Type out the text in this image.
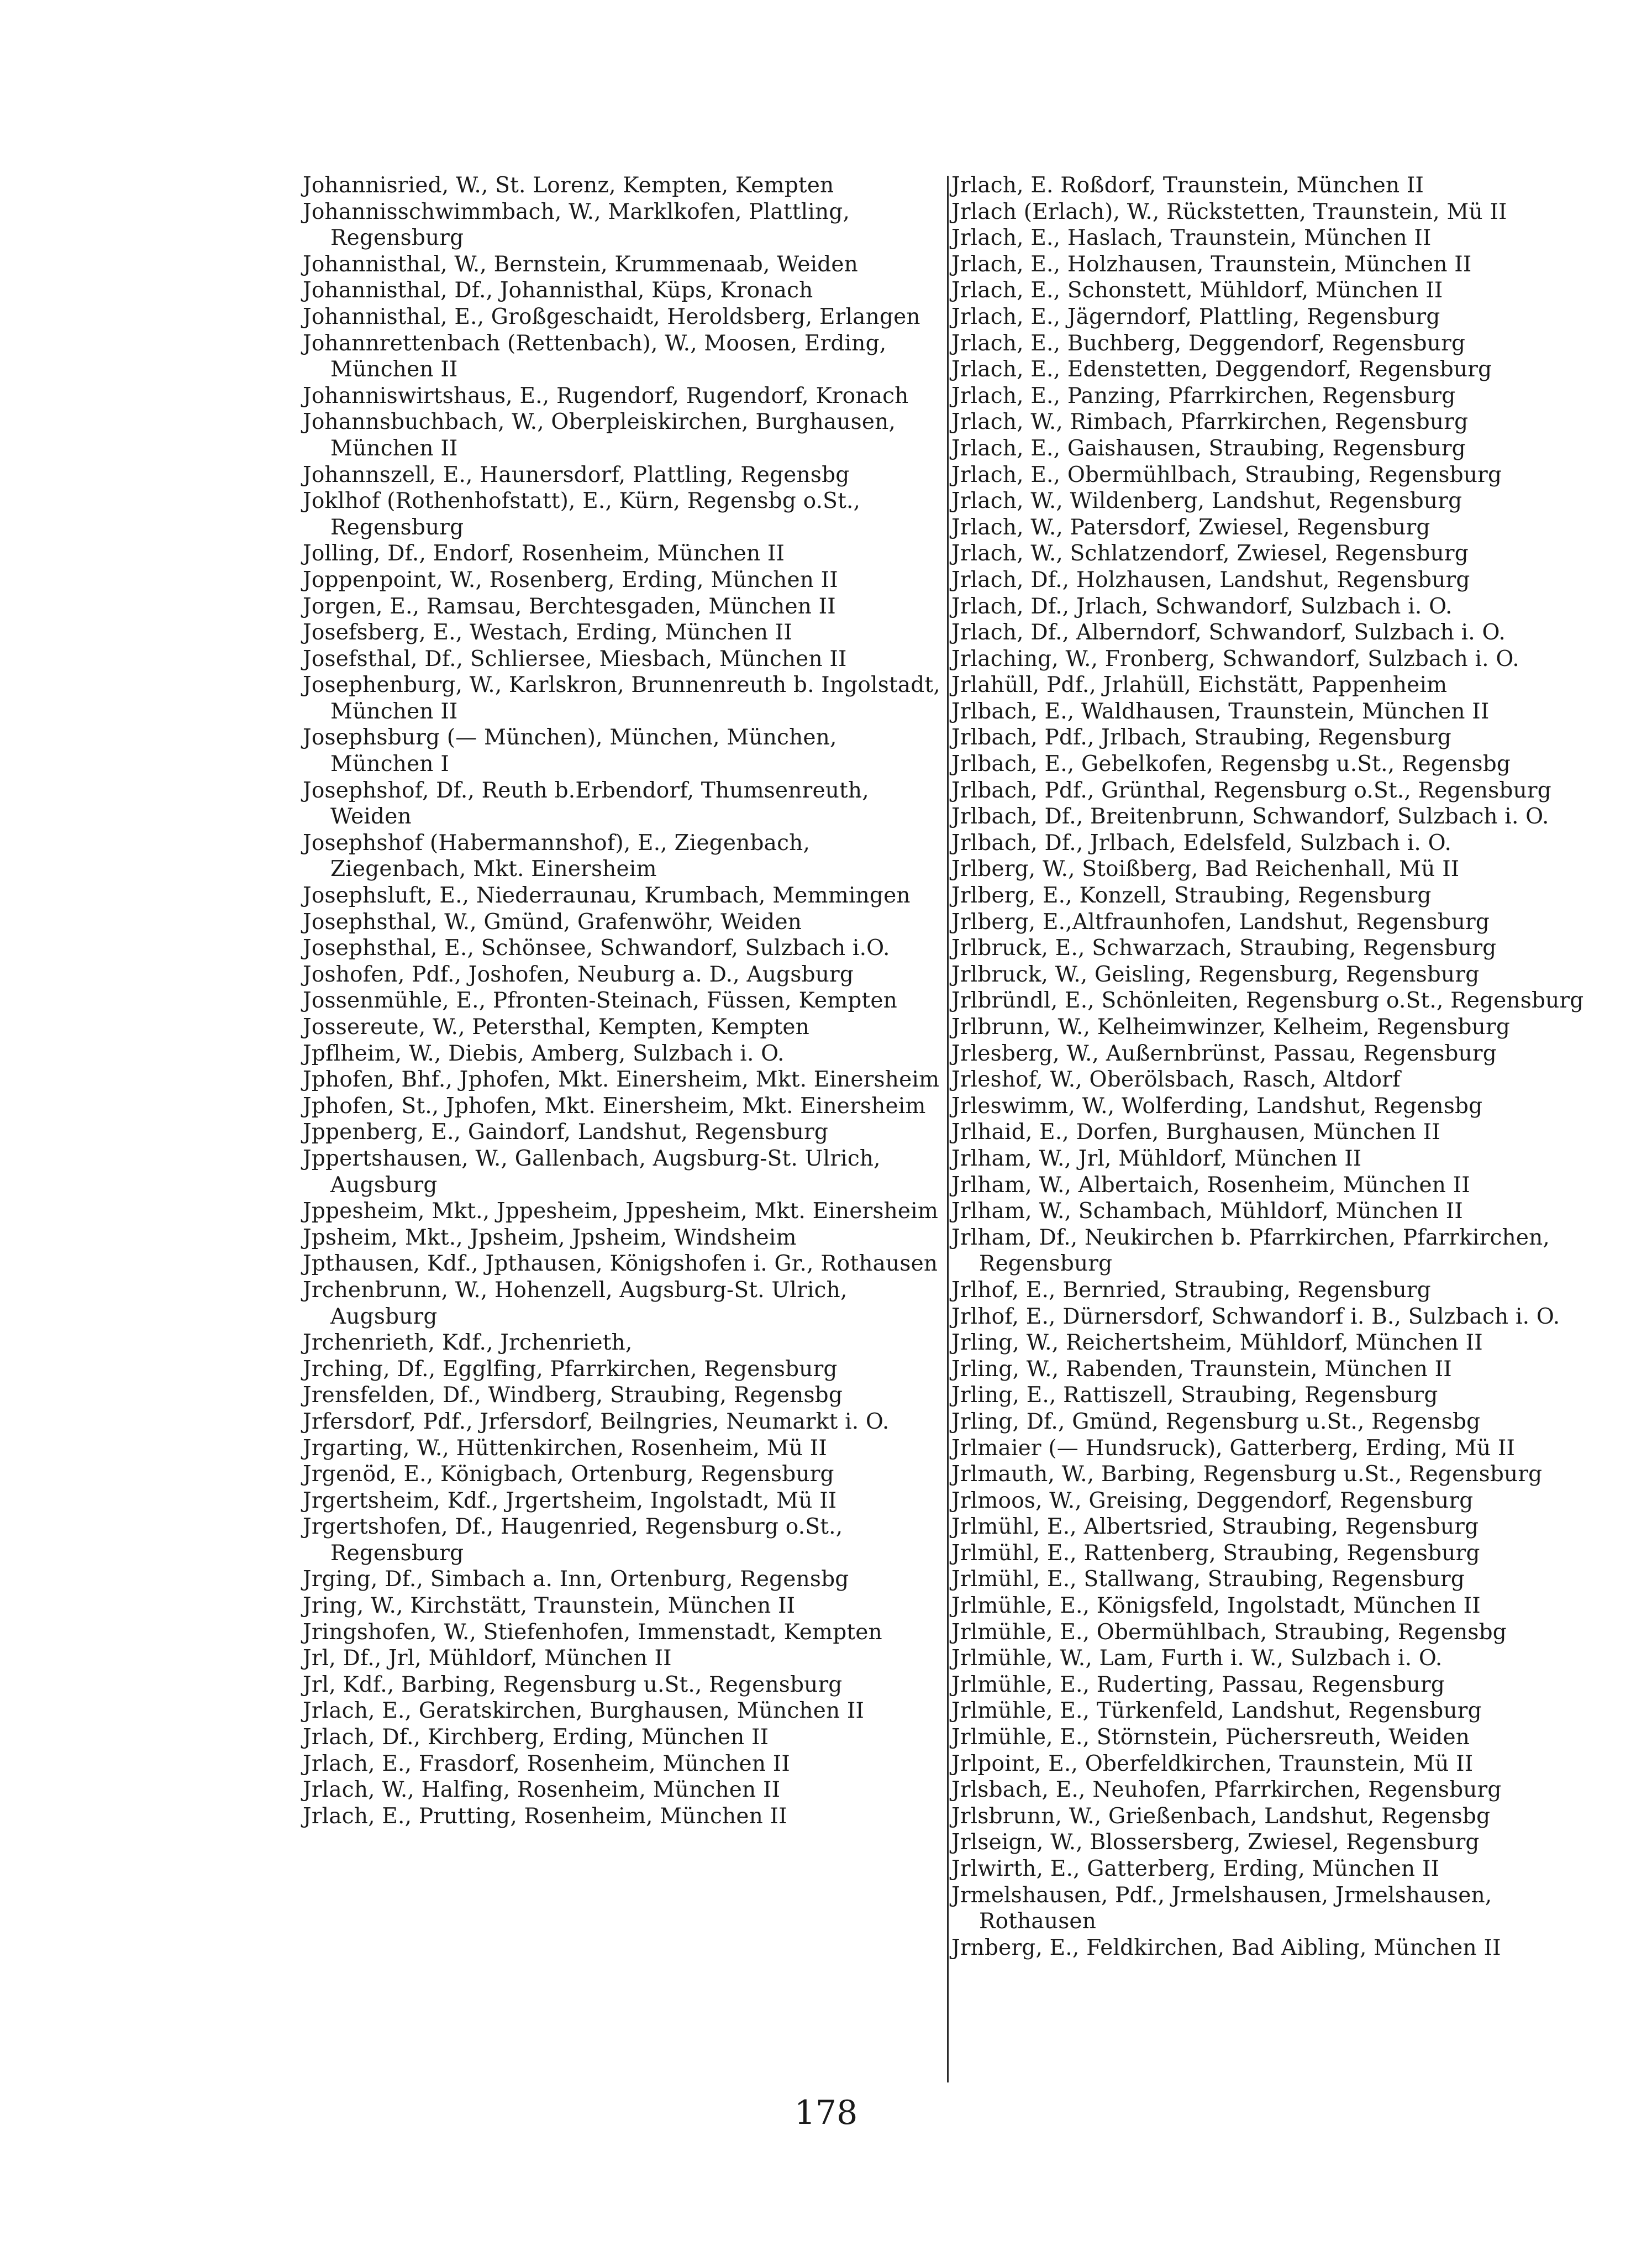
Johannisried, W., St. Lorenz, Kempten, Kempten
Johannisschwimmbach, W., Marklkofen, Plattling, Regensburg
Johannisthal, W., Bernstein, Krummenaab, Weiden
Johannisthal, Df., Johannisthal, Küps, Kronach
Johannisthal, E., Großgeschaidt, Heroldsberg, Erlangen
Johannrettenbach (Rettenbach), W., Moosen, Erding, München II
Johanniswirtshaus, E., Rugendorf, Rugendorf, Kronach
Johannsbuchbach, W., Oberpleiskirchen, Burghausen, München II
Johannszell, E., Haunersdorf, Plattling, Regensbg
Joklhof (Rothenhofstatt), E., Kürn, Regensbg o.St., Regensburg
Jolling, Df., Endorf, Rosenheim, München II
Joppenpoint, W., Rosenberg, Erding, München II
Jorgen, E., Ramsau, Berchtesgaden, München II
Josefsberg, E., Westach, Erding, München II
Josefsthal, Df., Schliersee, Miesbach, München II
Josephenburg, W., Karlskron, Brunnenreuth b. Ingolstadt, München II
Josephsburg (— München), München, München, München I
Josephshof, Df., Reuth b.Erbendorf, Thumsenreuth, Weiden
Josephshof (Habermannshof), E., Ziegenbach, Ziegenbach, Mkt. Einersheim
Josephsluft, E., Niederraunau, Krumbach, Memmingen
Josephsthal, W., Gmünd, Grafenwöhr, Weiden
Josephsthal, E., Schönsee, Schwandorf, Sulzbach i.O.
Joshofen, Pdf., Joshofen, Neuburg a. D., Augsburg
Jossenmühle, E., Pfronten-Steinach, Füssen, Kempten
Jossereute, W., Petersthal, Kempten, Kempten
Jpflheim, W., Diebis, Amberg, Sulzbach i. O.
Jphofen, Bhf., Jphofen, Mkt. Einersheim, Mkt. Einersheim
Jphofen, St., Jphofen, Mkt. Einersheim, Mkt. Einersheim
Jppenberg, E., Gaindorf, Landshut, Regensburg
Jppertshausen, W., Gallenbach, Augsburg-St. Ulrich, Augsburg
Jppesheim, Mkt., Jppesheim, Jppesheim, Mkt. Einersheim
Jpsheim, Mkt., Jpsheim, Jpsheim, Windsheim
Jpthausen, Kdf., Jpthausen, Königshofen i. Gr., Rothausen
Jrchenbrunn, W., Hohenzell, Augsburg-St. Ulrich, Augsburg
Jrchenrieth, Kdf., Jrchenrieth,
Jrching, Df., Egglfing, Pfarrkirchen, Regensburg
Jrensfelden, Df., Windberg, Straubing, Regensbg
Jrfersdorf, Pdf., Jrfersdorf, Beilngries, Neumarkt i. O.
Jrgarting, W., Hüttenkirchen, Rosenheim, Mü II
Jrgenöd, E., Königbach, Ortenburg, Regensburg
Jrgertsheim, Kdf., Jrgertsheim, Ingolstadt, Mü II
Jrgertshofen, Df., Haugenried, Regensburg o.St., Regensburg
Jrging, Df., Simbach a. Inn, Ortenburg, Regensbg
Jring, W., Kirchstätt, Traunstein, München II
Jringshofen, W., Stiefenhofen, Immenstadt, Kempten
Jrl, Df., Jrl, Mühldorf, München II
Jrl, Kdf., Barbing, Regensburg u.St., Regensburg
Jrlach, E., Geratskirchen, Burghausen, München II
Jrlach, Df., Kirchberg, Erding, München II
Jrlach, E., Frasdorf, Rosenheim, München II
Jrlach, W., Halfing, Rosenheim, München II
Jrlach, E., Prutting, Rosenheim, München II
Jrlach, E. Roßdorf, Traunstein, München II
Jrlach (Erlach), W., Rückstetten, Traunstein, Mü II
Jrlach, E., Haslach, Traunstein, München II
Jrlach, E., Holzhausen, Traunstein, München II
Jrlach, E., Schonstett, Mühldorf, München II
Jrlach, E., Jägerndorf, Plattling, Regensburg
Jrlach, E., Buchberg, Deggendorf, Regensburg
Jrlach, E., Edenstetten, Deggendorf, Regensburg
Jrlach, E., Panzing, Pfarrkirchen, Regensburg
Jrlach, W., Rimbach, Pfarrkirchen, Regensburg
Jrlach, E., Gaishausen, Straubing, Regensburg
Jrlach, E., Obermühlbach, Straubing, Regensburg
Jrlach, W., Wildenberg, Landshut, Regensburg
Jrlach, W., Patersdorf, Zwiesel, Regensburg
Jrlach, W., Schlatzendorf, Zwiesel, Regensburg
Jrlach, Df., Holzhausen, Landshut, Regensburg
Jrlach, Df., Jrlach, Schwandorf, Sulzbach i. O.
Jrlach, Df., Alberndorf, Schwandorf, Sulzbach i. O.
Jrlaching, W., Fronberg, Schwandorf, Sulzbach i. O.
Jrlahüll, Pdf., Jrlahüll, Eichstätt, Pappenheim
Jrlbach, E., Waldhausen, Traunstein, München II
Jrlbach, Pdf., Jrlbach, Straubing, Regensburg
Jrlbach, E., Gebelkofen, Regensbg u.St., Regensbg
Jrlbach, Pdf., Grünthal, Regensburg o.St., Regensburg
Jrlbach, Df., Breitenbrunn, Schwandorf, Sulzbach i. O.
Jrlbach, Df., Jrlbach, Edelsfeld, Sulzbach i. O.
Jrlberg, W., Stoißberg, Bad Reichenhall, Mü II
Jrlberg, E., Konzell, Straubing, Regensburg
Jrlberg, E.,Altfraunhofen, Landshut, Regensburg
Jrlbruck, E., Schwarzach, Straubing, Regensburg
Jrlbruck, W., Geisling, Regensburg, Regensburg
Jrlbründl, E., Schönleiten, Regensburg o.St., Regensburg
Jrlbrunn, W., Kelheimwinzer, Kelheim, Regensburg
Jrlesberg, W., Außernbrünst, Passau, Regensburg
Jrleshof, W., Oberölsbach, Rasch, Altdorf
Jrleswimm, W., Wolferding, Landshut, Regensbg
Jrlhaid, E., Dorfen, Burghausen, München II
Jrlham, W., Jrl, Mühldorf, München II
Jrlham, W., Albertaich, Rosenheim, München II
Jrlham, W., Schambach, Mühldorf, München II
Jrlham, Df., Neukirchen b. Pfarrkirchen, Pfarrkirchen, Regensburg
Jrlhof, E., Bernried, Straubing, Regensburg
Jrlhof, E., Dürnersdorf, Schwandorf i. B., Sulzbach i. O.
Jrling, W., Reichertsheim, Mühldorf, München II
Jrling, W., Rabenden, Traunstein, München II
Jrling, E., Rattiszell, Straubing, Regensburg
Jrling, Df., Gmünd, Regensburg u.St., Regensbg
Jrlmaier (— Hundsruck), Gatterberg, Erding, Mü II
Jrlmauth, W., Barbing, Regensburg u.St., Regensburg
Jrlmoos, W., Greising, Deggendorf, Regensburg
Jrlmühl, E., Albertsried, Straubing, Regensburg
Jrlmühl, E., Rattenberg, Straubing, Regensburg
Jrlmühl, E., Stallwang, Straubing, Regensburg
Jrlmühle, E., Königsfeld, Ingolstadt, München II
Jrlmühle, E., Obermühlbach, Straubing, Regensbg
Jrlmühle, W., Lam, Furth i. W., Sulzbach i. O.
Jrlmühle, E., Ruderting, Passau, Regensburg
Jrlmühle, E., Türkenfeld, Landshut, Regensburg
Jrlmühle, E., Störnstein, Püchersreuth, Weiden
Jrlpoint, E., Oberfeldkirchen, Traunstein, Mü II
Jrlsbach, E., Neuhofen, Pfarrkirchen, Regensburg
Jrlsbrunn, W., Grießenbach, Landshut, Regensbg
Jrlseign, W., Blossersberg, Zwiesel, Regensburg
Jrlwirth, E., Gatterberg, Erding, München II
Jrmelshausen, Pdf., Jrmelshausen, Jrmelshausen, Rothausen
Jrnberg, E., Feldkirchen, Bad Aibling, München II
178
